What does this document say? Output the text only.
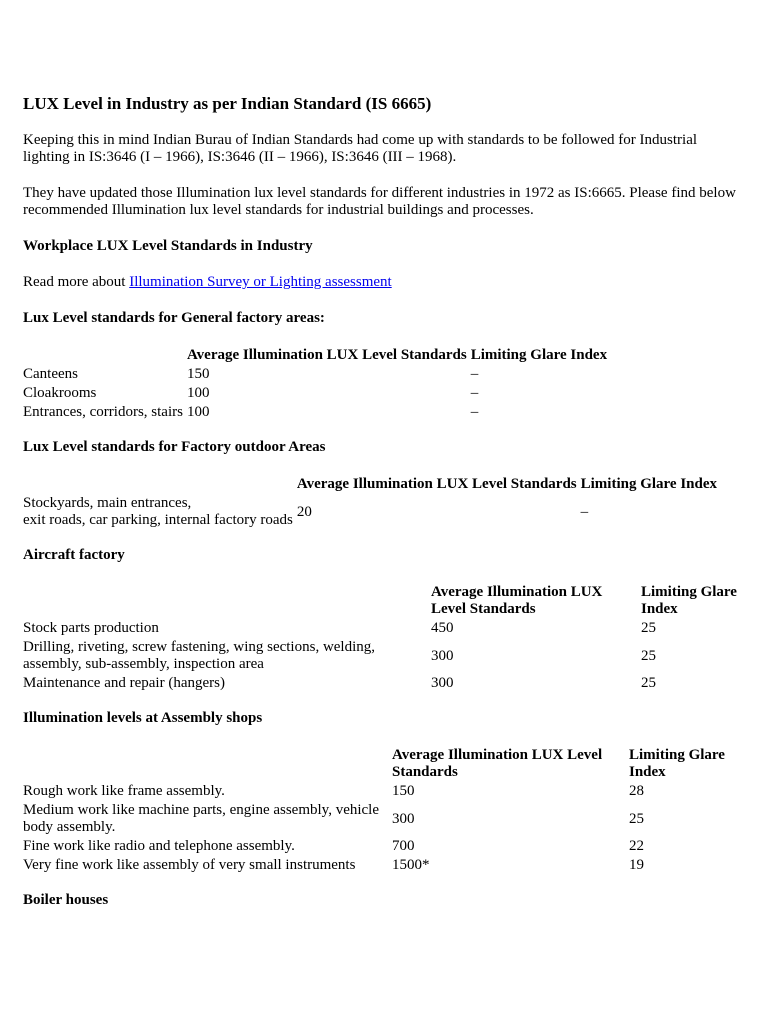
LUX Level in Industry as per Indian Standard (IS 6665)

Keeping this in mind Indian Burau of Indian Standards had come up with standards to be followed for Industrial lighting in IS:3646 (I – 1966), IS:3646 (II – 1966), IS:3646 (III – 1968).

They have updated those Illumination lux level standards for different industries in 1972 as IS:6665. Please find below recommended Illumination lux level standards for industrial buildings and processes.

Workplace LUX Level Standards in Industry

Read more about Illumination Survey or Lighting assessment

Lux Level standards for General factory areas:
	Average Illumination LUX Level Standards	Limiting Glare Index
Canteens	150	–
Cloakrooms	100	–
Entrances, corridors, stairs	100	–
Lux Level standards for Factory outdoor Areas
	Average Illumination LUX Level Standards	Limiting Glare Index
Stockyards, main entrances,
exit roads, car parking, internal factory roads	20	–
Aircraft factory
	Average Illumination LUX Level Standards	Limiting Glare Index
Stock parts production	450	25
Drilling, riveting, screw fastening, wing sections, welding, assembly, sub-assembly, inspection area	300	25
Maintenance and repair (hangers)	300	25
Illumination levels at Assembly shops
	Average Illumination LUX Level Standards	Limiting Glare Index
Rough work like frame assembly.	150	28
Medium work like machine parts, engine assembly, vehicle body assembly.	300	25
Fine work like radio and telephone assembly.	700	22
Very fine work like assembly of very small instruments	1500*	19
Boiler houses
